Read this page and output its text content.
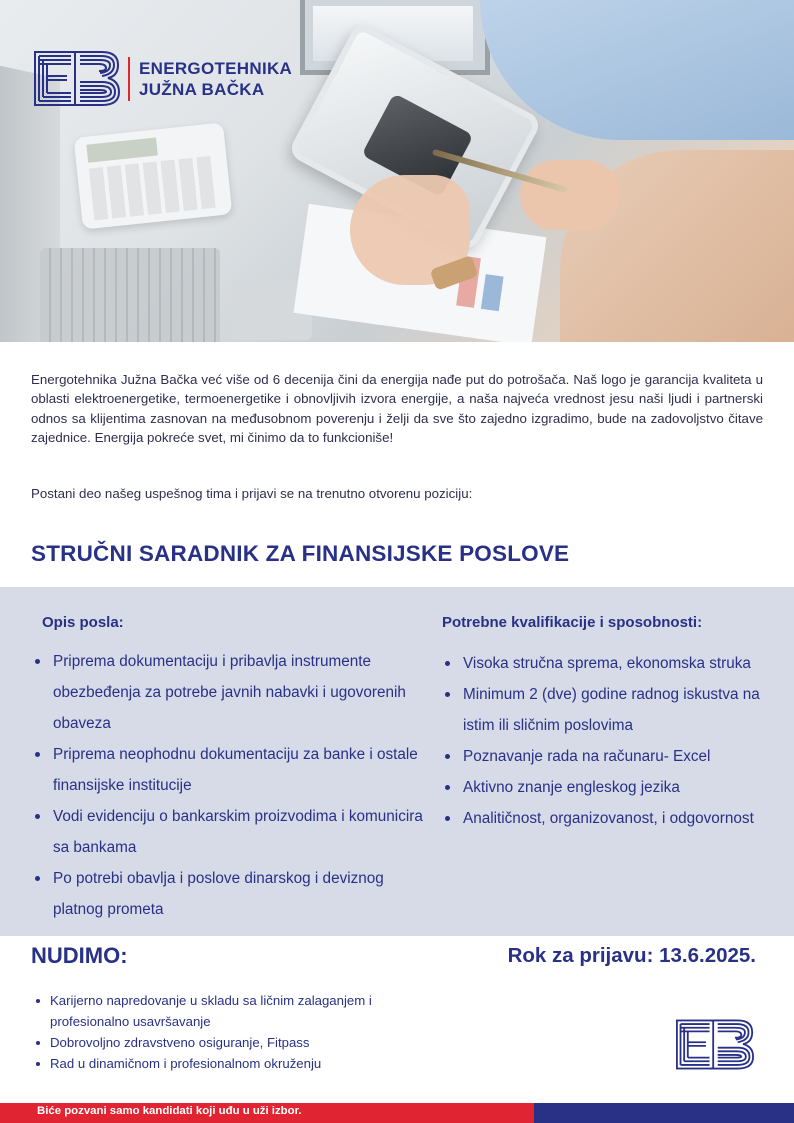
ENERGOTEHNIKA
JUŽNA BAČKA

Energotehnika Južna Bačka već više od 6 decenija čini da energija nađe put do potrošača. Naš logo je garancija kvaliteta u oblasti elektroenergetike, termoenergetike i obnovljivih izvora energije, a naša najveća vrednost jesu naši ljudi i partnerski odnos sa klijentima zasnovan na međusobnom poverenju i želji da sve što zajedno izgradimo, bude na zadovoljstvo čitave zajednice. Energija pokreće svet, mi činimo da to funkcioniše!

Postani deo našeg uspešnog tima i prijavi se na trenutno otvorenu poziciju:

STRUČNI SARADNIK ZA FINANSIJSKE POSLOVE
Opis posla:
Priprema dokumentaciju i pribavlja instrumente obezbeđenja za potrebe javnih nabavki i ugovorenih obaveza
Priprema neophodnu dokumentaciju za banke i ostale finansijske institucije
Vodi evidenciju o bankarskim proizvodima i komunicira sa bankama
Po potrebi obavlja i poslove dinarskog i deviznog platnog prometa
Potrebne kvalifikacije i sposobnosti:
Visoka stručna sprema, ekonomska struka
Minimum 2 (dve) godine radnog iskustva na istim ili sličnim poslovima
Poznavanje rada na računaru- Excel
Aktivno znanje engleskog jezika
Analitičnost, organizovanost, i odgovornost
NUDIMO:	Rok za prijavu: 13.6.2025.
Karijerno napredovanje u skladu sa ličnim zalaganjem i profesionalno usavršavanje
Dobrovoljno zdravstveno osiguranje, Fitpass
Rad u dinamičnom i profesionalnom okruženju
Biće pozvani samo kandidati koji uđu u uži izbor.
